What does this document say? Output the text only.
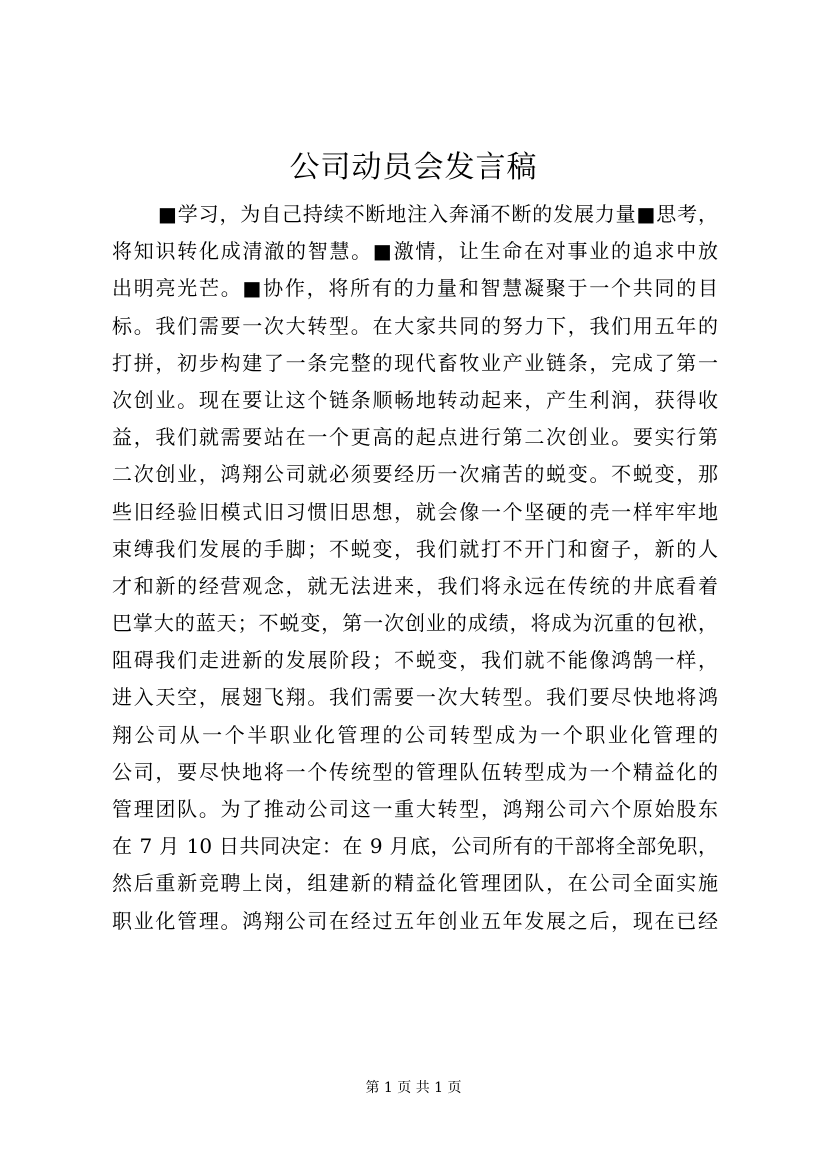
公司动员会发言稿
■学习，为自己持续不断地注入奔涌不断的发展力量■思考，
将知识转化成清澈的智慧。■激情，让生命在对事业的追求中放
出明亮光芒。■协作，将所有的力量和智慧凝聚于一个共同的目
标。我们需要一次大转型。在大家共同的努力下，我们用五年的
打拼，初步构建了一条完整的现代畜牧业产业链条，完成了第一
次创业。现在要让这个链条顺畅地转动起来，产生利润，获得收
益，我们就需要站在一个更高的起点进行第二次创业。要实行第
二次创业，鸿翔公司就必须要经历一次痛苦的蜕变。不蜕变，那
些旧经验旧模式旧习惯旧思想，就会像一个坚硬的壳一样牢牢地
束缚我们发展的手脚；不蜕变，我们就打不开门和窗子，新的人
才和新的经营观念，就无法进来，我们将永远在传统的井底看着
巴掌大的蓝天；不蜕变，第一次创业的成绩，将成为沉重的包袱，
阻碍我们走进新的发展阶段；不蜕变，我们就不能像鸿鹄一样，
进入天空，展翅飞翔。我们需要一次大转型。我们要尽快地将鸿
翔公司从一个半职业化管理的公司转型成为一个职业化管理的
公司，要尽快地将一个传统型的管理队伍转型成为一个精益化的
管理团队。为了推动公司这一重大转型，鸿翔公司六个原始股东
在 7 月 10 日共同决定：在 9 月底，公司所有的干部将全部免职，
然后重新竞聘上岗，组建新的精益化管理团队，在公司全面实施
职业化管理。鸿翔公司在经过五年创业五年发展之后，现在已经
第 1 页 共 1 页
